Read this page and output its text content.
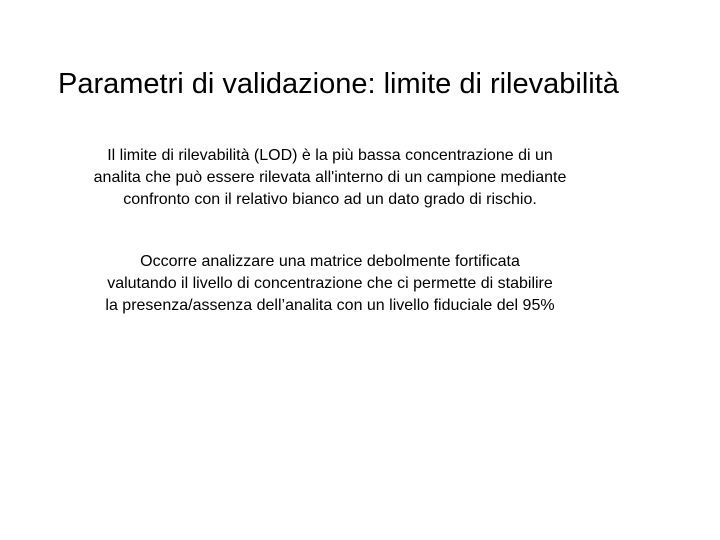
Parametri di validazione: limite di rilevabilità

Il limite di rilevabilità (LOD) è la più bassa concentrazione di un
analita che può essere rilevata all'interno di un campione mediante
confronto con il relativo bianco ad un dato grado di rischio.

Occorre analizzare una matrice debolmente fortificata
valutando il livello di concentrazione che ci permette di stabilire
la presenza/assenza dell’analita con un livello fiduciale del 95%
